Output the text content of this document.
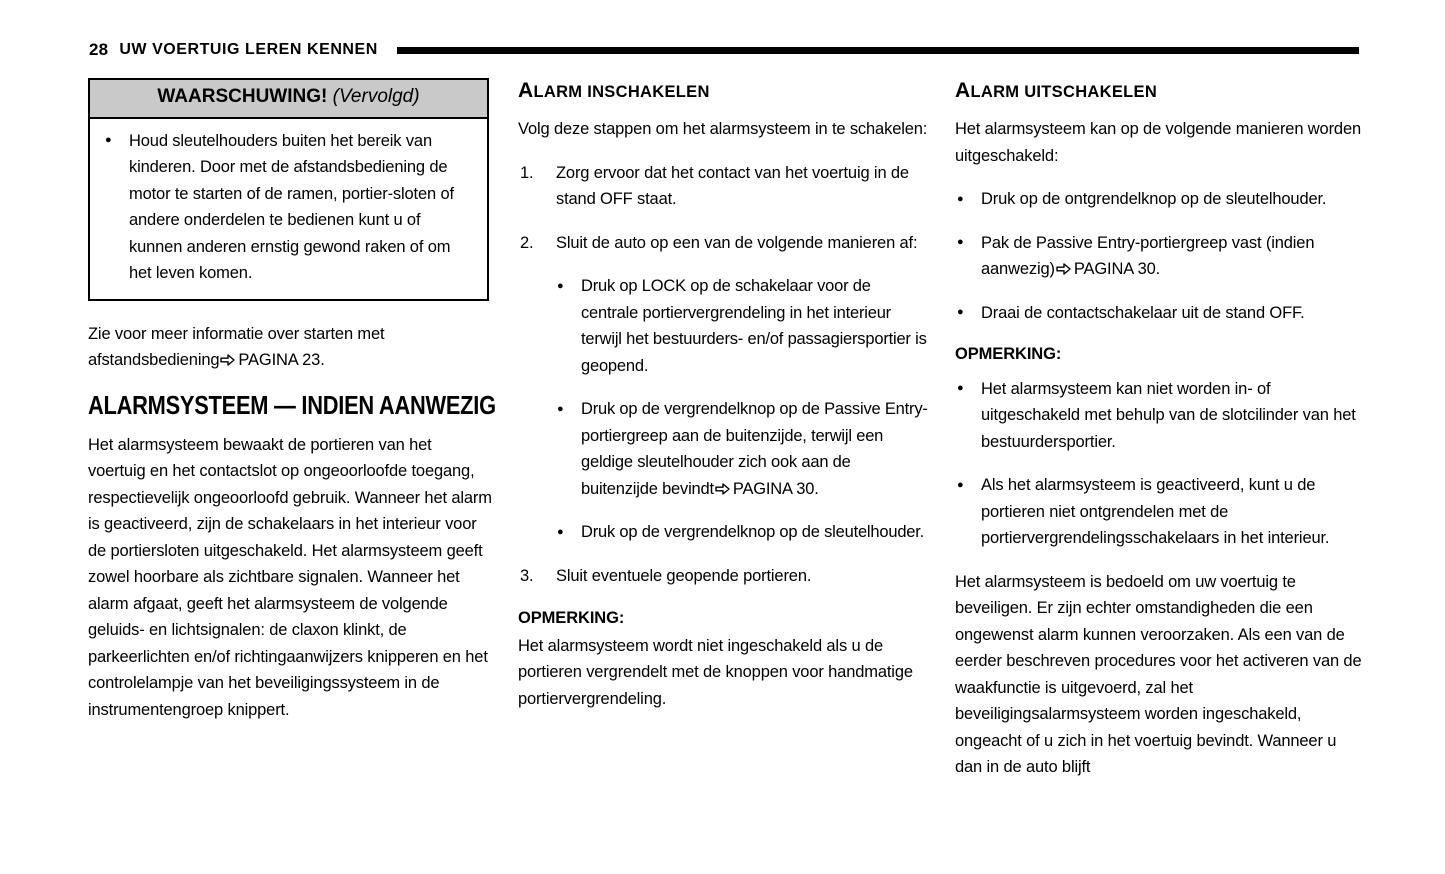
28 UW VOERTUIG LEREN KENNEN
WAARSCHUWING! (Vervolgd)
● Houd sleutelhouders buiten het bereik van kinderen. Door met de afstandsbediening de motor te starten of de ramen, portier-sloten of andere onderdelen te bedienen kunt u of kunnen anderen ernstig gewond raken of om het leven komen.

Zie voor meer informatie over starten met afstandsbediening PAGINA 23.

ALARMSYSTEEM — INDIEN AANWEZIG

Het alarmsysteem bewaakt de portieren van het voertuig en het contactslot op ongeoorloofde toegang, respectievelijk ongeoorloofd gebruik. Wanneer het alarm is geactiveerd, zijn de schakelaars in het interieur voor de portiersloten uitgeschakeld. Het alarmsysteem geeft zowel hoorbare als zichtbare signalen. Wanneer het alarm afgaat, geeft het alarmsysteem de volgende geluids- en lichtsignalen: de claxon klinkt, de parkeerlichten en/of richtingaanwijzers knipperen en het controlelampje van het beveiligingssysteem in de instrumentengroep knippert.

ALARM INSCHAKELEN

Volg deze stappen om het alarmsysteem in te schakelen:

Zorg ervoor dat het contact van het voertuig in de stand OFF staat.
Sluit de auto op een van de volgende manieren af:
● Druk op LOCK op de schakelaar voor de centrale portiervergrendeling in het interieur terwijl het bestuurders- en/of passagiersportier is geopend.
● Druk op de vergrendelknop op de Passive Entry-portiergreep aan de buitenzijde, terwijl een geldige sleutelhouder zich ook aan de buitenzijde bevindt PAGINA 30.
● Druk op de vergrendelknop op de sleutelhouder.
Sluit eventuele geopende portieren.

OPMERKING:

Het alarmsysteem wordt niet ingeschakeld als u de portieren vergrendelt met de knoppen voor handmatige portiervergrendeling.

ALARM UITSCHAKELEN

Het alarmsysteem kan op de volgende manieren worden uitgeschakeld:

● Druk op de ontgrendelknop op de sleutelhouder.
● Pak de Passive Entry-portiergreep vast (indien aanwezig) PAGINA 30.
● Draai de contactschakelaar uit de stand OFF.

OPMERKING:

● Het alarmsysteem kan niet worden in- of uitgeschakeld met behulp van de slotcilinder van het bestuurdersportier.
● Als het alarmsysteem is geactiveerd, kunt u de portieren niet ontgrendelen met de portiervergrendelingsschakelaars in het interieur.

Het alarmsysteem is bedoeld om uw voertuig te beveiligen. Er zijn echter omstandigheden die een ongewenst alarm kunnen veroorzaken. Als een van de eerder beschreven procedures voor het activeren van de waakfunctie is uitgevoerd, zal het beveiligingsalarmsysteem worden ingeschakeld, ongeacht of u zich in het voertuig bevindt. Wanneer u dan in de auto blijft
